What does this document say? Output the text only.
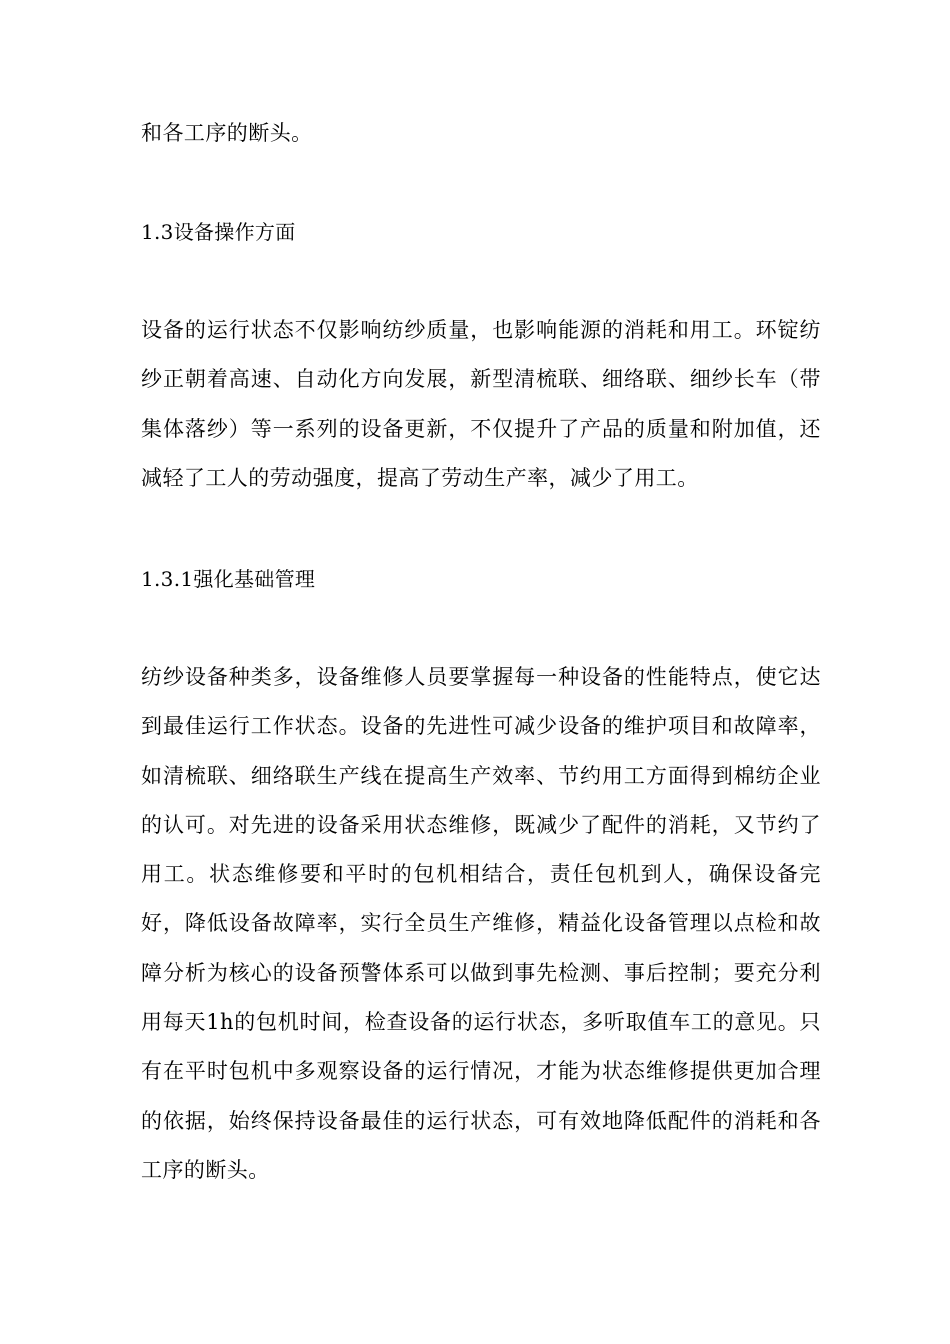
和各工序的断头。

1.3设备操作方面

设备的运行状态不仅影响纺纱质量，也影响能源的消耗和用工。环锭纺纱正朝着高速、自动化方向发展，新型清梳联、细络联、细纱长车（带集体落纱）等一系列的设备更新，不仅提升了产品的质量和附加值，还减轻了工人的劳动强度，提高了劳动生产率，减少了用工。

1.3.1强化基础管理

纺纱设备种类多，设备维修人员要掌握每一种设备的性能特点，使它达到最佳运行工作状态。设备的先进性可减少设备的维护项目和故障率，如清梳联、细络联生产线在提高生产效率、节约用工方面得到棉纺企业的认可。对先进的设备采用状态维修，既减少了配件的消耗，又节约了用工。状态维修要和平时的包机相结合，责任包机到人，确保设备完好，降低设备故障率，实行全员生产维修，精益化设备管理以点检和故障分析为核心的设备预警体系可以做到事先检测、事后控制；要充分利用每天1h的包机时间，检查设备的运行状态，多听取值车工的意见。只有在平时包机中多观察设备的运行情况，才能为状态维修提供更加合理的依据，始终保持设备最佳的运行状态，可有效地降低配件的消耗和各工序的断头。
